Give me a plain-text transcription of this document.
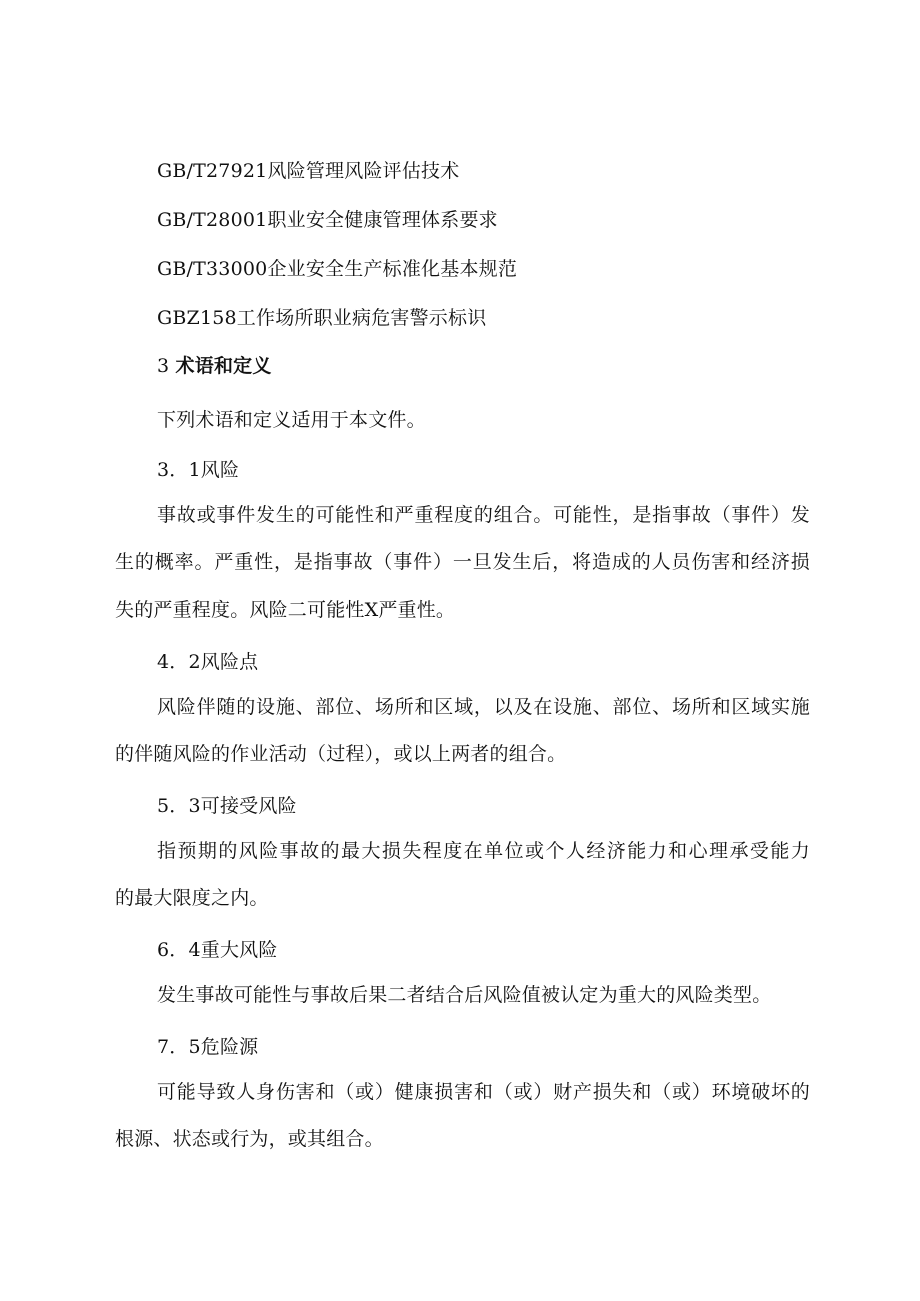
GB/T27921风险管理风险评估技术
GB/T28001职业安全健康管理体系要求
GB/T33000企业安全生产标准化基本规范
GBZ158工作场所职业病危害警示标识
3 术语和定义
下列术语和定义适用于本文件。
3．1风险
事故或事件发生的可能性和严重程度的组合。可能性，是指事故（事件）发
生的概率。严重性，是指事故（事件）一旦发生后，将造成的人员伤害和经济损
失的严重程度。风险二可能性X严重性。
4．2风险点
风险伴随的设施、部位、场所和区域，以及在设施、部位、场所和区域实施
的伴随风险的作业活动（过程），或以上两者的组合。
5．3可接受风险
指预期的风险事故的最大损失程度在单位或个人经济能力和心理承受能力
的最大限度之内。
6．4重大风险
发生事故可能性与事故后果二者结合后风险值被认定为重大的风险类型。
7．5危险源
可能导致人身伤害和（或）健康损害和（或）财产损失和（或）环境破坏的
根源、状态或行为，或其组合。
